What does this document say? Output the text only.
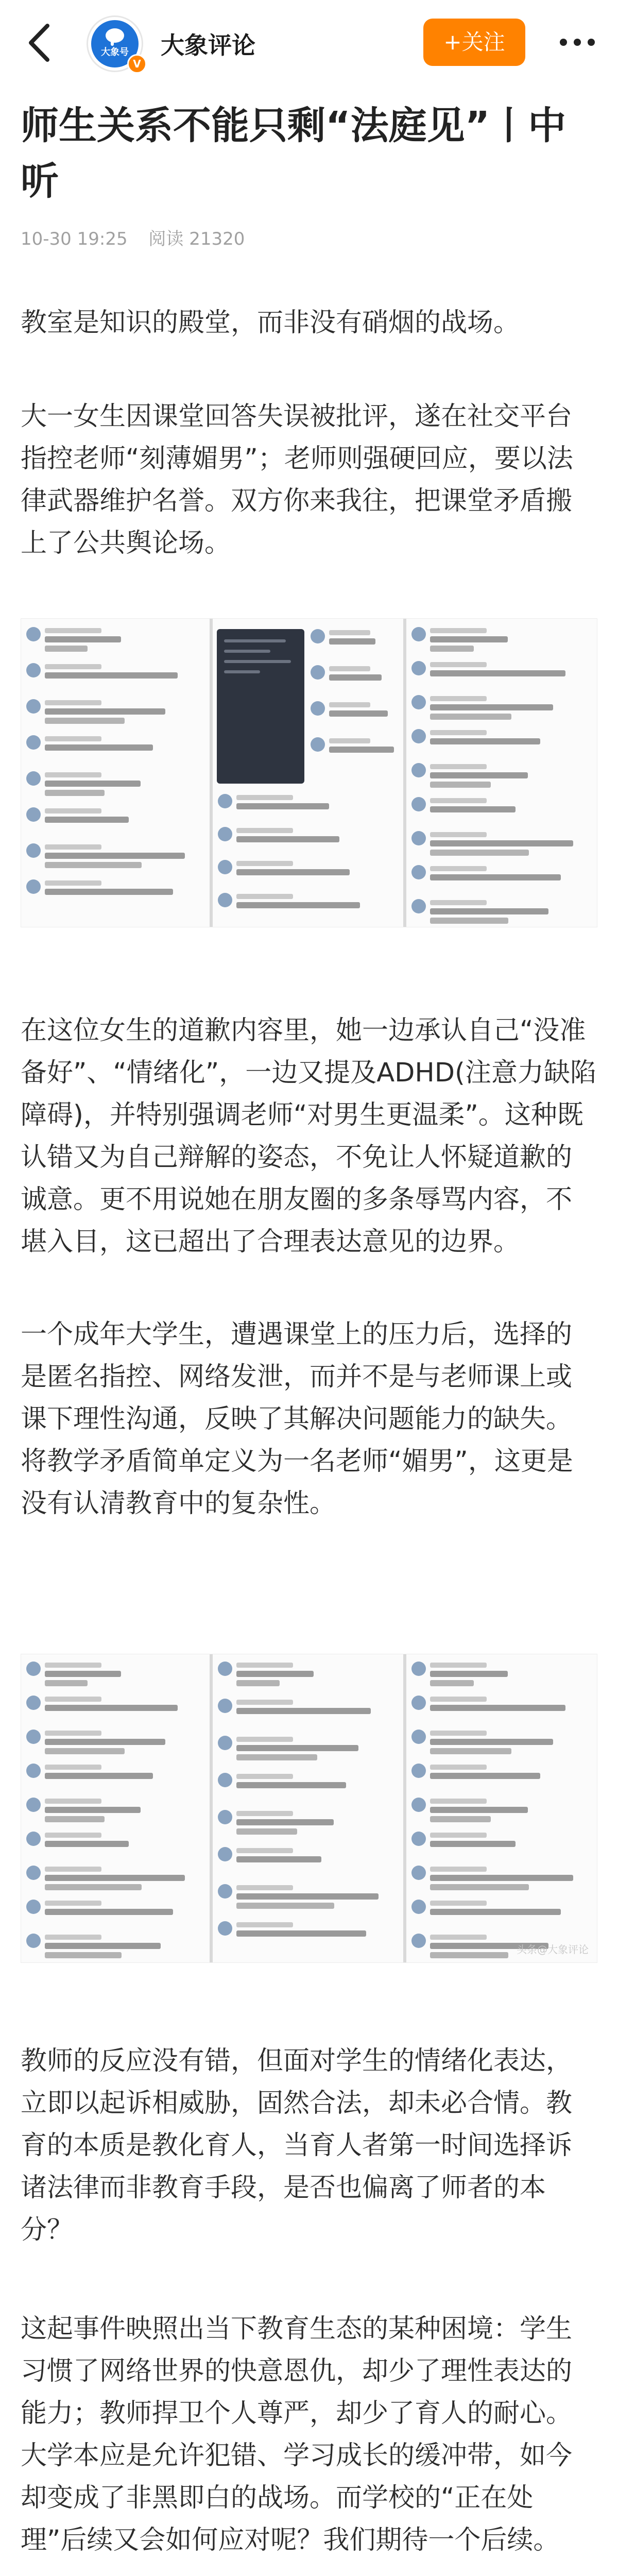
大象号
V
大象评论	+关注
师生关系不能只剩“法庭见”丨中听
10-30 19:25 阅读 21320

教室是知识的殿堂，而非没有硝烟的战场。

大一女生因课堂回答失误被批评，遂在社交平台指控老师“刻薄媚男”；老师则强硬回应，要以法律武器维护名誉。双方你来我往，把课堂矛盾搬上了公共舆论场。

在这位女生的道歉内容里，她一边承认自己“没准备好”、“情绪化”，一边又提及ADHD(注意力缺陷障碍)，并特别强调老师“对男生更温柔”。这种既认错又为自己辩解的姿态，不免让人怀疑道歉的诚意。更不用说她在朋友圈的多条辱骂内容，不堪入目，这已超出了合理表达意见的边界。

一个成年大学生，遭遇课堂上的压力后，选择的是匿名指控、网络发泄，而并不是与老师课上或课下理性沟通，反映了其解决问题能力的缺失。将教学矛盾简单定义为一名老师“媚男”，这更是没有认清教育中的复杂性。

头条@大象评论

教师的反应没有错，但面对学生的情绪化表达，立即以起诉相威胁，固然合法，却未必合情。教育的本质是教化育人，当育人者第一时间选择诉诸法律而非教育手段，是否也偏离了师者的本分？

这起事件映照出当下教育生态的某种困境：学生习惯了网络世界的快意恩仇，却少了理性表达的能力；教师捍卫个人尊严，却少了育人的耐心。大学本应是允许犯错、学习成长的缓冲带，如今却变成了非黑即白的战场。而学校的“正在处理”后续又会如何应对呢？我们期待一个后续。
